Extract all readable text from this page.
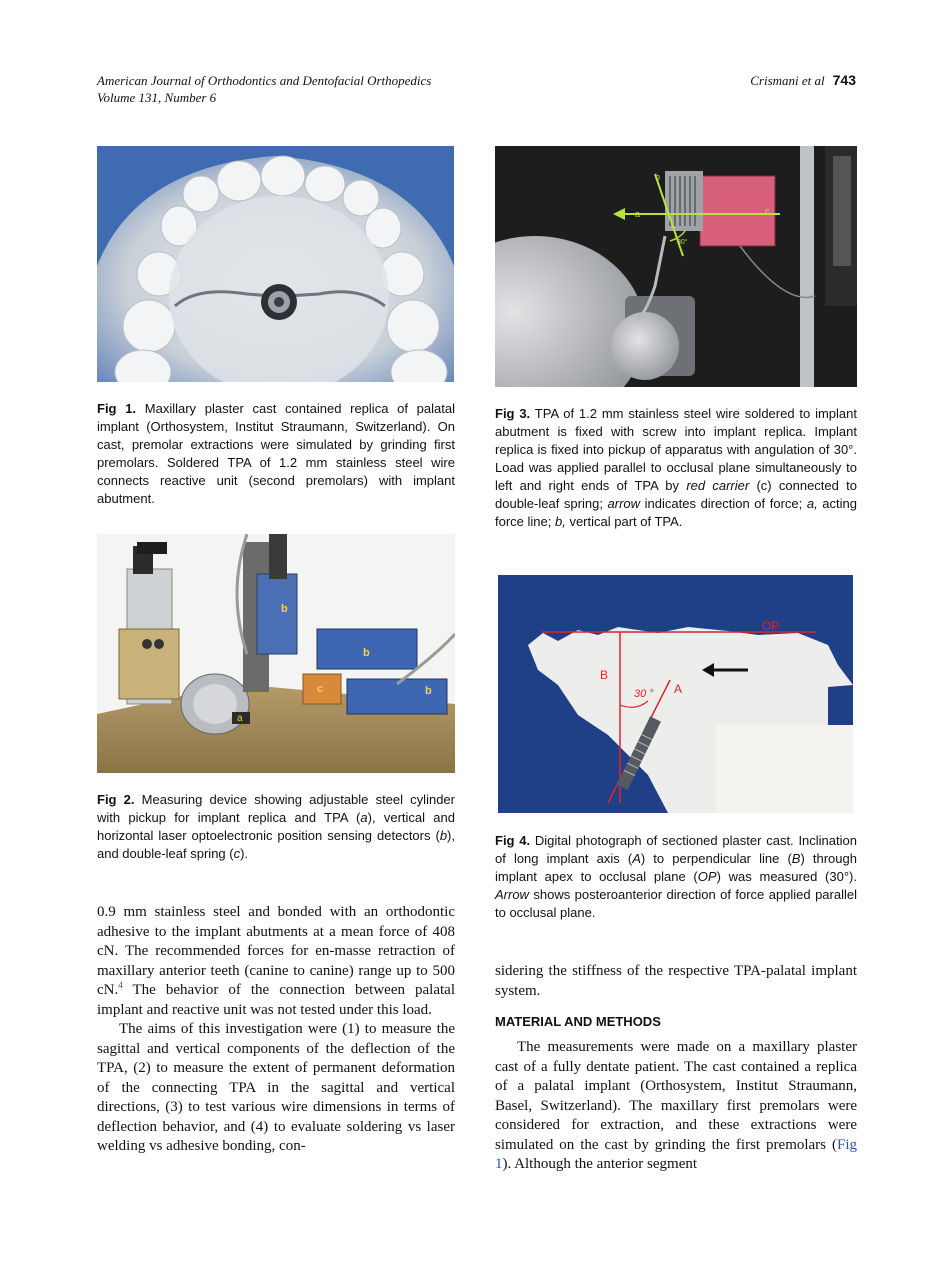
American Journal of Orthodontics and Dentofacial Orthopedics
Volume 131, Number 6
Crismani et al 743
Fig 1. Maxillary plaster cast contained replica of palatal implant (Orthosystem, Institut Straumann, Switzerland). On cast, premolar extractions were simulated by grinding first premolars. Soldered TPA of 1.2 mm stainless steel wire connects reactive unit (second premolars) with implant abutment.
a
b
b
b
c
Fig 2. Measuring device showing adjustable steel cylinder with pickup for implant replica and TPA (a), vertical and horizontal laser optoelectronic position sensing detectors (b), and double-leaf spring (c).
a
b
c
30°
Fig 3. TPA of 1.2 mm stainless steel wire soldered to implant abutment is fixed with screw into implant replica. Implant replica is fixed into pickup of apparatus with angulation of 30°. Load was applied parallel to occlusal plane simultaneously to left and right ends of TPA by red carrier (c) connected to double-leaf spring; arrow indicates direction of force; a, acting force line; b, vertical part of TPA.
OP
B
A
30 °
Fig 4. Digital photograph of sectioned plaster cast. Inclination of long implant axis (A) to perpendicular line (B) through implant apex to occlusal plane (OP) was measured (30°). Arrow shows posteroanterior direction of force applied parallel to occlusal plane.

0.9 mm stainless steel and bonded with an orthodontic adhesive to the implant abutments at a mean force of 408 cN. The recommended forces for en-masse retraction of maxillary anterior teeth (canine to canine) range up to 500 cN.$^4$ The behavior of the connection between palatal implant and reactive unit was not tested under this load.

The aims of this investigation were (1) to measure the sagittal and vertical components of the deflection of the TPA, (2) to measure the extent of permanent deformation of the connecting TPA in the sagittal and vertical directions, (3) to test various wire dimensions in terms of deflection behavior, and (4) to evaluate soldering vs laser welding vs adhesive bonding, con-

sidering the stiffness of the respective TPA-palatal implant system.

MATERIAL AND METHODS

The measurements were made on a maxillary plaster cast of a fully dentate patient. The cast contained a replica of a palatal implant (Orthosystem, Institut Straumann, Basel, Switzerland). The maxillary first premolars were considered for extraction, and these extractions were simulated on the cast by grinding the first premolars (Fig 1). Although the anterior segment
